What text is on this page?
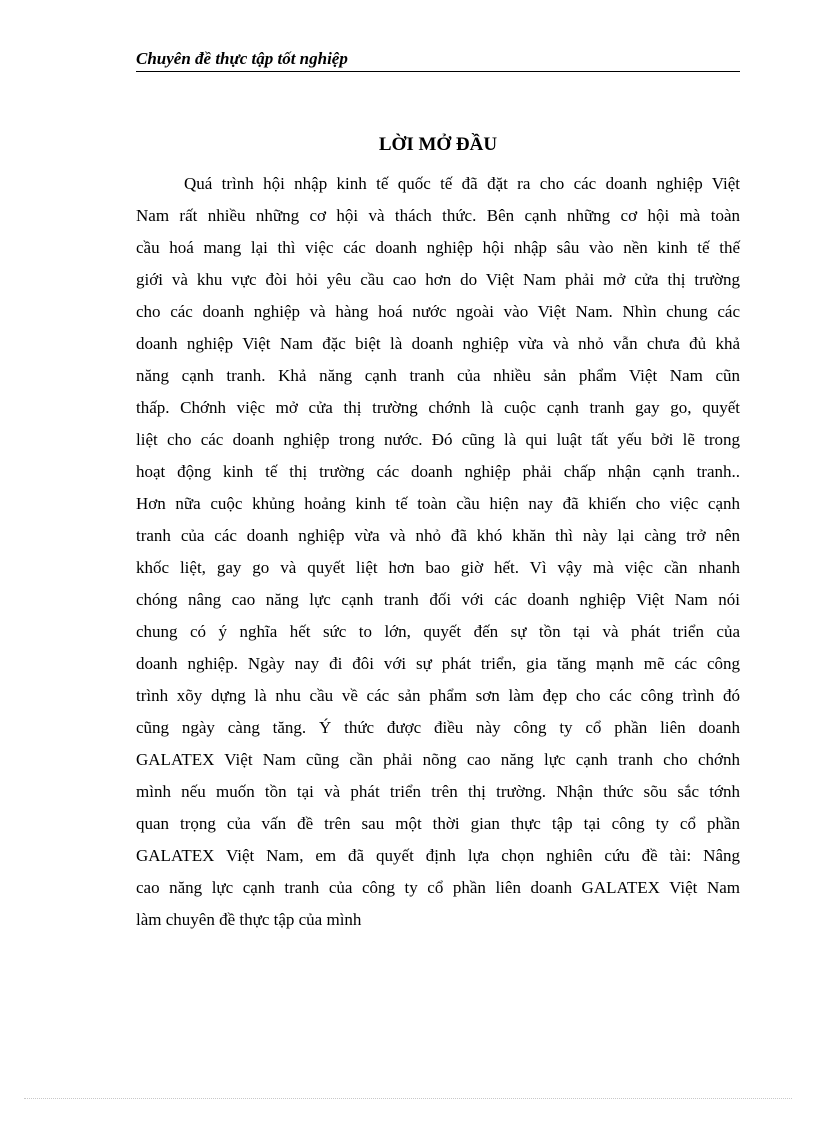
Chuyên đề thực tập tốt nghiệp
LỜI MỞ ĐẦU
Quá trình hội nhập kinh tế quốc tế đã đặt ra cho các doanh nghiệp Việt
Nam rất nhiều những cơ hội và thách thức. Bên cạnh những cơ hội mà toàn
cầu hoá mang lại thì việc các doanh nghiệp hội nhập sâu vào nền kinh tế thế
giới và khu vực đòi hỏi yêu cầu cao hơn do Việt Nam phải mở cửa thị trường
cho các doanh nghiệp và hàng hoá nước ngoài vào Việt Nam. Nhìn chung các
doanh nghiệp Việt Nam đặc biệt là doanh nghiệp vừa và nhỏ vẫn chưa đủ khả
năng cạnh tranh. Khả năng cạnh tranh của nhiều sản phẩm Việt Nam cũn
thấp. Chớnh việc mở cửa thị trường chớnh là cuộc cạnh tranh gay go, quyết
liệt cho các doanh nghiệp trong nước. Đó cũng là qui luật tất yếu bởi lẽ trong
hoạt động kinh tế thị trường các doanh nghiệp phải chấp nhận cạnh tranh..
Hơn nữa cuộc khủng hoảng kinh tế toàn cầu hiện nay đã khiến cho việc cạnh
tranh của các doanh nghiệp vừa và nhỏ đã khó khăn thì này lại càng trở nên
khốc liệt, gay go và quyết liệt hơn bao giờ hết. Vì vậy mà việc cần nhanh
chóng nâng cao năng lực cạnh tranh đối với các doanh nghiệp Việt Nam nói
chung có ý nghĩa hết sức to lớn, quyết đến sự tồn tại và phát triển của
doanh nghiệp. Ngày nay đi đôi với sự phát triển, gia tăng mạnh mẽ các công
trình xõy dựng là nhu cầu về các sản phẩm sơn làm đẹp cho các công trình đó
cũng ngày càng tăng. Ý thức được điều này công ty cổ phần liên doanh
GALATEX Việt Nam cũng cần phải nõng cao năng lực cạnh tranh cho chớnh
mình nếu muốn tồn tại và phát triển trên thị trường. Nhận thức sõu sắc tớnh
quan trọng của vấn đề trên sau một thời gian thực tập tại công ty cổ phần
GALATEX Việt Nam, em đã quyết định lựa chọn nghiên cứu đề tài: Nâng
cao năng lực cạnh tranh của công ty cổ phần liên doanh GALATEX Việt Nam
làm chuyên đề thực tập của mình
